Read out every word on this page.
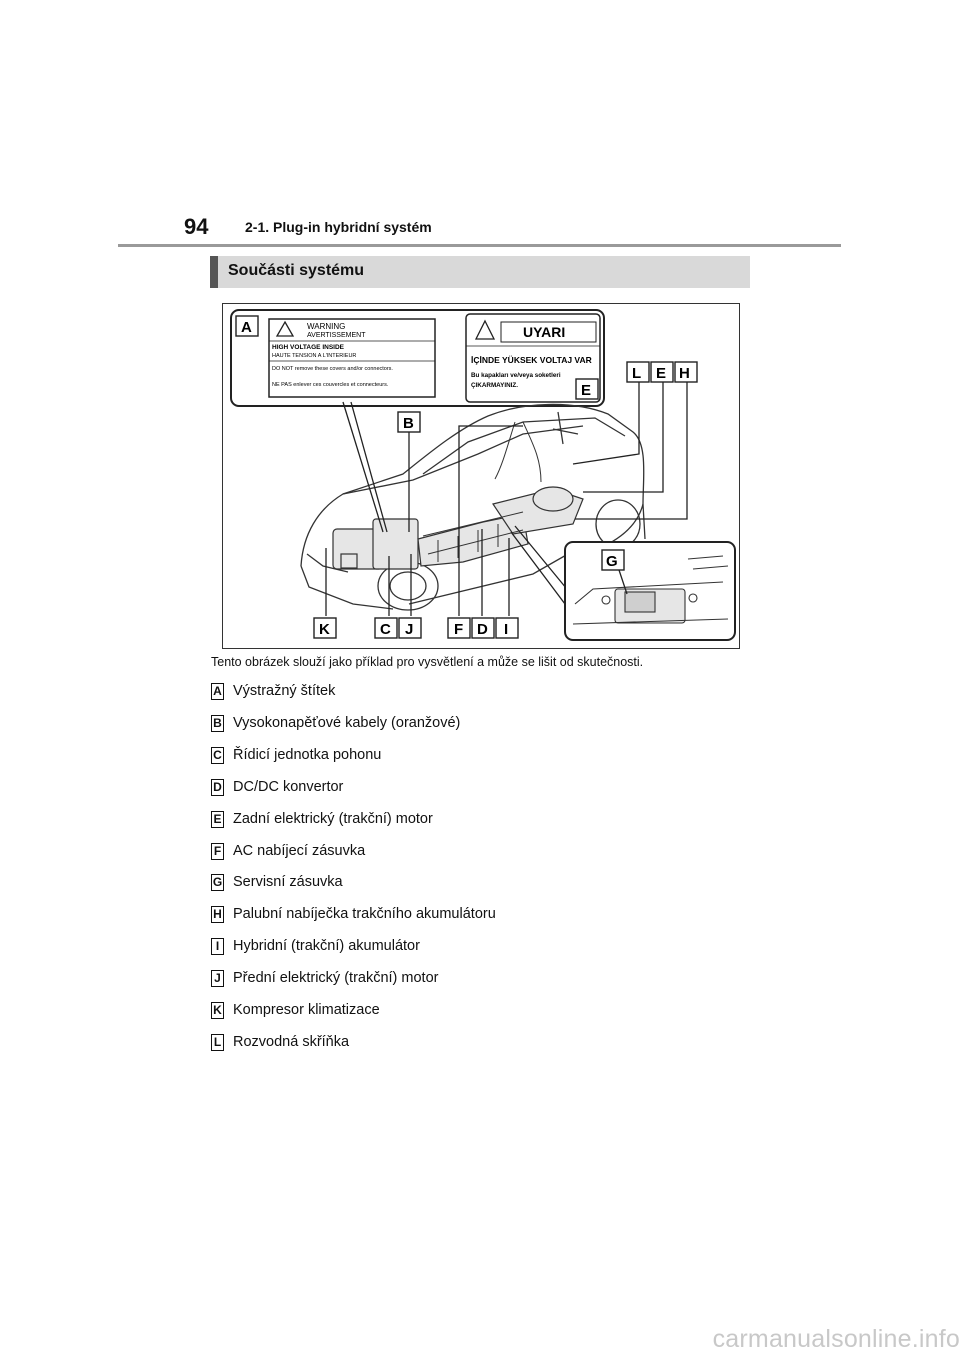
94	2-1. Plug-in hybridní systém
Součásti systému
WARNING
AVERTISSEMENT
HIGH VOLTAGE INSIDE
HAUTE TENSION A L'INTERIEUR
DO NOT remove these covers and/or connectors.
NE PAS enlever ces couvercles et connecteurs.
UYARI
İÇİNDE YÜKSEK VOLTAJ VAR
Bu kapakları ve/veya soketleri
ÇIKARMAYINIZ.
A
E
B
L E H
G
K	C J	F D I
Tento obrázek slouží jako příklad pro vysvětlení a může se lišit od skutečnosti.
A Výstražný štítek
B Vysokonapěťové kabely (oranžové)
C Řídicí jednotka pohonu
D DC/DC konvertor
E Zadní elektrický (trakční) motor
F AC nabíjecí zásuvka
G Servisní zásuvka
H Palubní nabíječka trakčního akumulátoru
I Hybridní (trakční) akumulátor
J Přední elektrický (trakční) motor
K Kompresor klimatizace
L Rozvodná skříňka
carmanualsonline.info
